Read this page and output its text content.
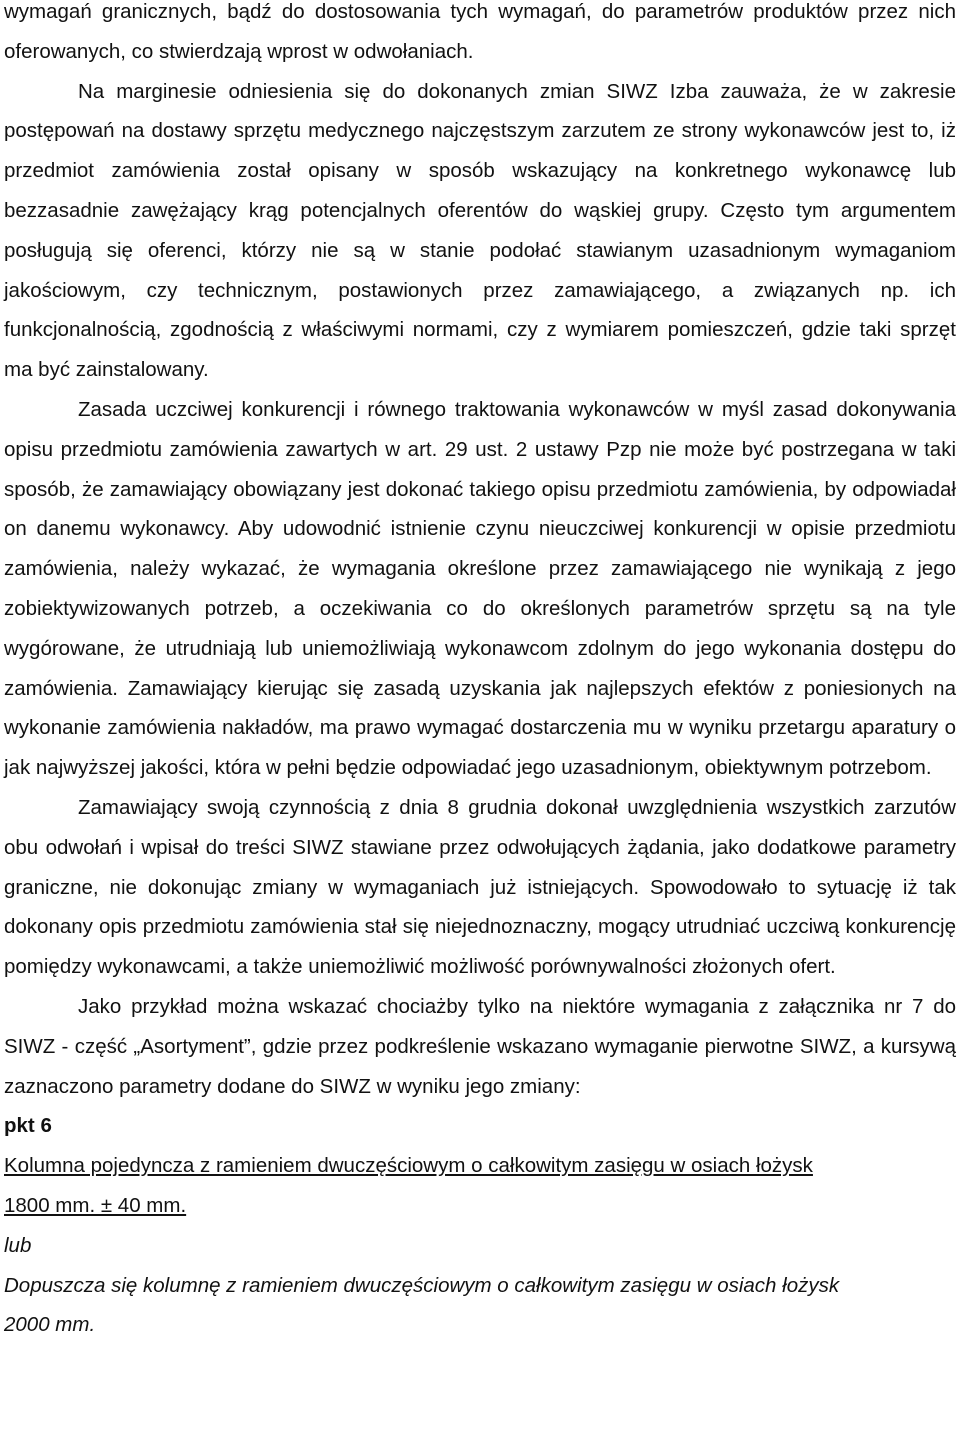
wymagań granicznych, bądź do dostosowania tych wymagań, do parametrów produktów przez nich oferowanych, co stwierdzają wprost w odwołaniach.

Na marginesie odniesienia się do dokonanych zmian SIWZ Izba zauważa, że w zakresie postępowań na dostawy sprzętu medycznego najczęstszym zarzutem ze strony wykonawców jest to, iż przedmiot zamówienia został opisany w sposób wskazujący na konkretnego wykonawcę lub bezzasadnie zawężający krąg potencjalnych oferentów do wąskiej grupy. Często tym argumentem posługują się oferenci, którzy nie są w stanie podołać stawianym uzasadnionym wymaganiom jakościowym, czy technicznym, postawionych przez zamawiającego, a związanych np. ich funkcjonalnością, zgodnością z właściwymi normami, czy z wymiarem pomieszczeń, gdzie taki sprzęt ma być zainstalowany.

Zasada uczciwej konkurencji i równego traktowania wykonawców w myśl zasad dokonywania opisu przedmiotu zamówienia zawartych w art. 29 ust. 2 ustawy Pzp nie może być postrzegana w taki sposób, że zamawiający obowiązany jest dokonać takiego opisu przedmiotu zamówienia, by odpowiadał on danemu wykonawcy. Aby udowodnić istnienie czynu nieuczciwej konkurencji w opisie przedmiotu zamówienia, należy wykazać, że wymagania określone przez zamawiającego nie wynikają z jego zobiektywizowanych potrzeb, a oczekiwania co do określonych parametrów sprzętu są na tyle wygórowane, że utrudniają lub uniemożliwiają wykonawcom zdolnym do jego wykonania dostępu do zamówienia. Zamawiający kierując się zasadą uzyskania jak najlepszych efektów z poniesionych na wykonanie zamówienia nakładów, ma prawo wymagać dostarczenia mu w wyniku przetargu aparatury o jak najwyższej jakości, która w pełni będzie odpowiadać jego uzasadnionym, obiektywnym potrzebom.

Zamawiający swoją czynnością z dnia 8 grudnia dokonał uwzględnienia wszystkich zarzutów obu odwołań i wpisał do treści SIWZ stawiane przez odwołujących żądania, jako dodatkowe parametry graniczne, nie dokonując zmiany w wymaganiach już istniejących. Spowodowało to sytuację iż tak dokonany opis przedmiotu zamówienia stał się niejednoznaczny, mogący utrudniać uczciwą konkurencję pomiędzy wykonawcami, a także uniemożliwić możliwość porównywalności złożonych ofert.

Jako przykład można wskazać chociażby tylko na niektóre wymagania z załącznika nr 7 do SIWZ - część „Asortyment”, gdzie przez podkreślenie wskazano wymaganie pierwotne SIWZ, a kursywą zaznaczono parametry dodane do SIWZ w wyniku jego zmiany:

pkt 6

Kolumna pojedyncza z ramieniem dwuczęściowym o całkowitym zasięgu w osiach łożysk

1800 mm. ± 40 mm.

lub

Dopuszcza się kolumnę z ramieniem dwuczęściowym o całkowitym zasięgu w osiach łożysk

2000 mm.
